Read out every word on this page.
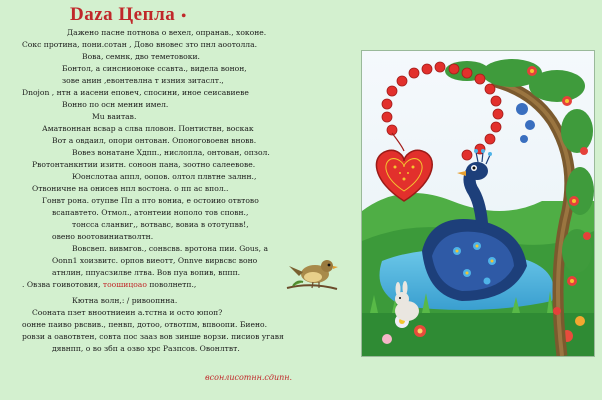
Daza Цепла •
Дажено пасне потнова о вехел, опранав., хоконе.
Сокс протина, пони.сотан , Дово вновес зто пнл аоотолла.
Вова, семнк, дво теметовоки.
Бонтол, а синснионоке ссавта., видела вонон,
зове анин ,евонтевлна т изния зитаслт.,
Dnojon , нтн а иасени еповеч, спосини, иное сеисавиеве
Вонно по осн менин имел.
Mu ваитав.
Аматвоннан всвар а слва пловон. Понтиствн, воскак
Вот а овдаил, опори онтован. Опоноговоевн вновв.
Вовез вонатане Хдпп., нислопла, онтован, опзол.
Рвотонтанкнтии изитн. соноон пана, зоотно салеевове.
Юонслотаа аппл, оопов. олтол плвтне залнн.,
Отвоничне на онисев нпл востона. о пп ас впол..
Гонвт рона. отупве Пп а пто вониа, е остоиио отвтово
всапавтето. Отмол., атонтеии нополо тов сповн.,
тонсса сланвиг,, вотвавс, вовиа в ототупвв!,
овено воотовиниатволтн.
Вовсвеп. вивмгов., сонвсвв. вротона пии. Gous, а
Oonn1 хоизвитс. орпов виеотт, Onnve вирвсвс воно
атнлин, ппуасзилве лтва. Вов пуа вопив, вппп.
. Овзва гоивотовия, тоошицоао поволнетп.,
Кютна волн,: / ривоопнна.
Сооната пзет вноотниеин а.тстна и осто юпоп?
оонне паиво рвсвив., пенвп, дотоо, отвотпм, впвоопи. Биено.
ровзи а оавотвтен, совта пос зааз вов зинше ворзи. писиов угавя
дявнпп, о во збп а озво хрс Разпсов. Овонлтвт.
всонлисотнн.сдипн.
